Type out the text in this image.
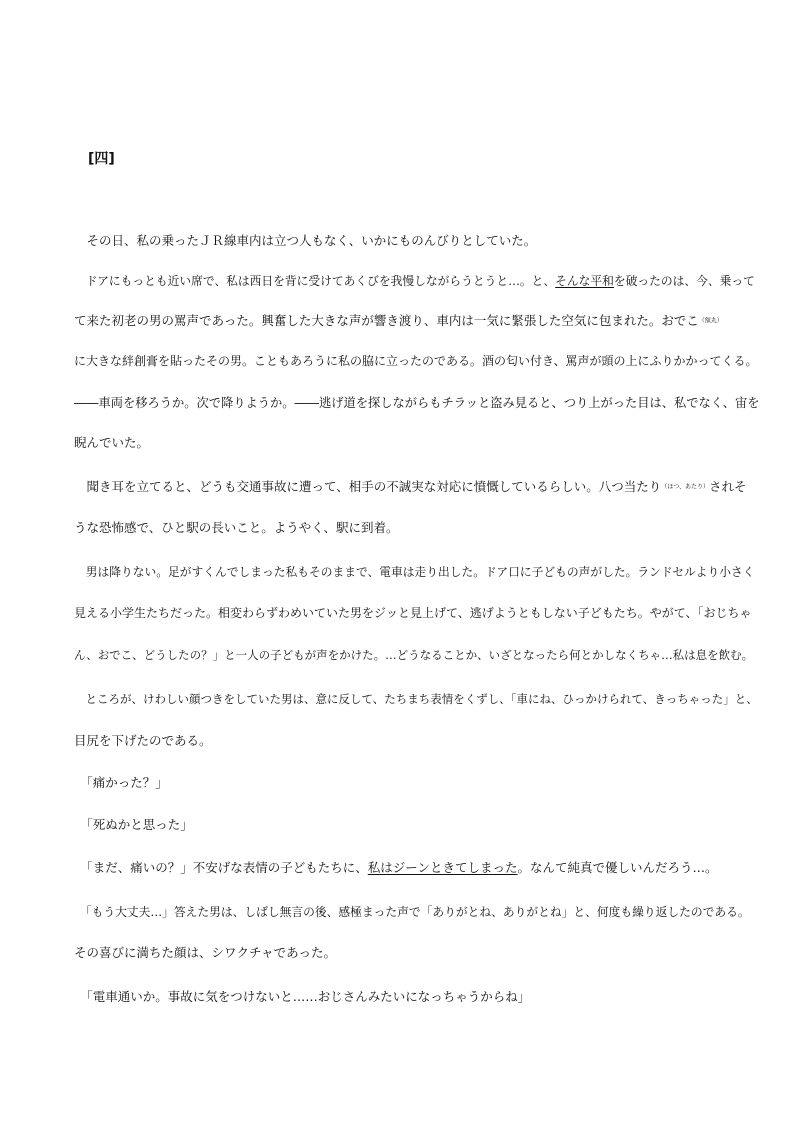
[四]
　その日、私の乗ったＪＲ線車内は立つ人もなく、いかにものんびりとしていた。
　ドアにもっとも近い席で、私は西日を背に受けてあくびを我慢しながらうとうと…。と、そんな平和を破ったのは、今、乗って
て来た初老の男の罵声であった。興奮した大きな声が響き渡り、車内は一気に緊張した空気に包まれた。おでこ（額丸）
に大きな絆創膏を貼ったその男。こともあろうに私の脇に立ったのである。酒の匂い付き、罵声が頭の上にふりかかってくる。
――車両を移ろうか。次で降りようか。――逃げ道を探しながらもチラッと盗み見ると、つり上がった目は、私でなく、宙を
睨んでいた。
　聞き耳を立てると、どうも交通事故に遭って、相手の不誠実な対応に憤慨しているらしい。八つ当たり（ほつ、あたり）されそ
うな恐怖感で、ひと駅の長いこと。ようやく、駅に到着。
　男は降りない。足がすくんでしまった私もそのままで、電車は走り出した。ドア口に子どもの声がした。ランドセルより小さく
見える小学生たちだった。相変わらずわめいていた男をジッと見上げて、逃げようともしない子どもたち。やがて、「おじちゃ
ん、おでこ、どうしたの？」と一人の子どもが声をかけた。…どうなることか、いざとなったら何とかしなくちゃ…私は息を飲む。
　ところが、けわしい顔つきをしていた男は、意に反して、たちまち表情をくずし、「車にね、ひっかけられて、きっちゃった」と、
目尻を下げたのである。
　「痛かった？」
　「死ぬかと思った」
　「まだ、痛いの？」不安げな表情の子どもたちに、私はジーンときてしまった。なんて純真で優しいんだろう…。
　「もう大丈夫…」答えた男は、しばし無言の後、感極まった声で「ありがとね、ありがとね」と、何度も繰り返したのである。
その喜びに満ちた顔は、シワクチャであった。
　「電車通いか。事故に気をつけないと……おじさんみたいになっちゃうからね」
